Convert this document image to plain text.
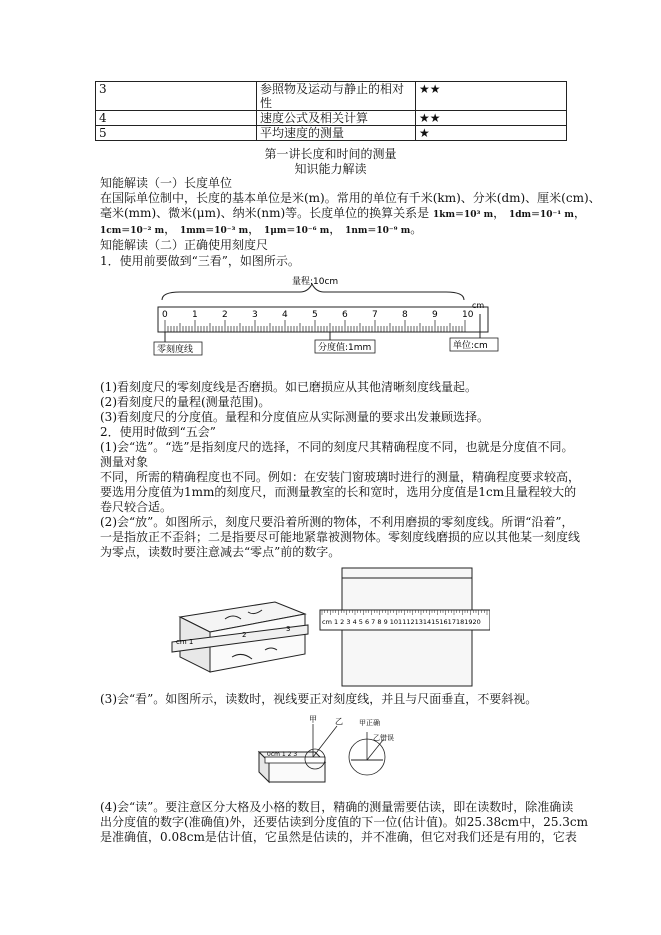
3	参照物及运动与静止的相对性	★★
4	速度公式及相关计算	★★
5	平均速度的测量	★
第一讲长度和时间的测量
知识能力解读
知能解读（一）长度单位
在国际单位制中，长度的基本单位是米(m)。常用的单位有千米(km)、分米(dm)、厘米(cm)、
毫米(mm)、微米(μm)、纳米(nm)等。长度单位的换算关系是 1km＝10³ m， 1dm＝10⁻¹ m，
1cm＝10⁻² m， 1mm＝10⁻³ m， 1μm＝10⁻⁶ m， 1nm＝10⁻⁹ m。
知能解读（二）正确使用刻度尺
1．使用前要做到“三看”，如图所示。
量程:10cm
0	1	2	3	4	5	6	7	8	9	10
cm
零刻度线	分度值:1mm	单位:cm
(1)看刻度尺的零刻度线是否磨损。如已磨损应从其他清晰刻度线量起。
(2)看刻度尺的量程(测量范围)。
(3)看刻度尺的分度值。量程和分度值应从实际测量的要求出发兼顾选择。
2．使用时做到“五会”
(1)会“选”。“选”是指刻度尺的选择，不同的刻度尺其精确程度不同，也就是分度值不同。
测量对象
不同，所需的精确程度也不同。例如：在安装门窗玻璃时进行的测量，精确程度要求较高，
要选用分度值为1mm的刻度尺，而测量教室的长和宽时，选用分度值是1cm且量程较大的
卷尺较合适。
(2)会“放”。如图所示，刻度尺要沿着所测的物体，不利用磨损的零刻度线。所谓“沿着”，
一是指放正不歪斜；二是指要尽可能地紧靠被测物体。零刻度线磨损的应以其他某一刻度线
为零点，读数时要注意减去“零点”前的数字。
cm 1
2
3
cm 1 2 3 4 5 6 7 8 9 1011121314151617181920
(3)会“看”。如图所示，读数时，视线要正对刻度线，并且与尺面垂直，不要斜视。
0cm 1 2 3
甲 乙 甲正确
乙错误
(4)会“读”。要注意区分大格及小格的数目，精确的测量需要估读，即在读数时，除准确读
出分度值的数字(准确值)外，还要估读到分度值的下一位(估计值)。如25.38cm中，25.3cm
是准确值，0.08cm是估计值，它虽然是估读的，并不准确，但它对我们还是有用的，它表
